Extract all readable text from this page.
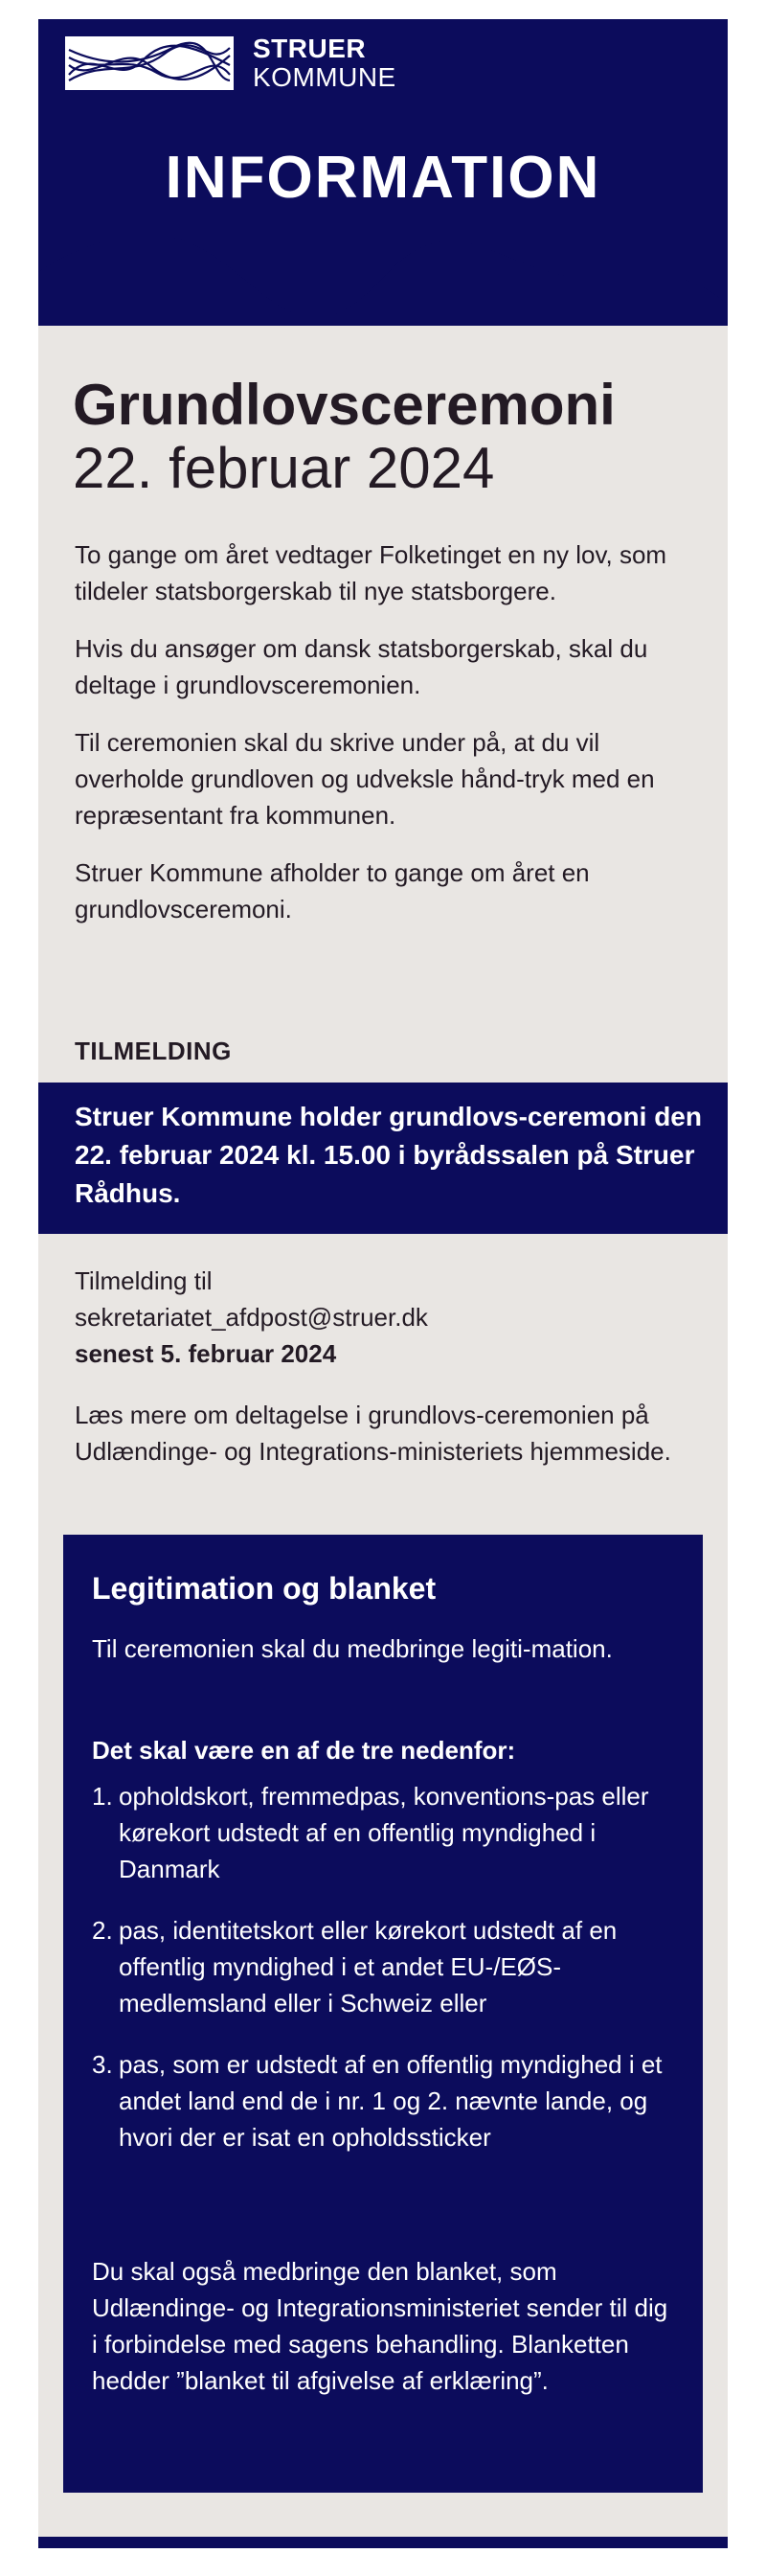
STRUER
KOMMUNE
INFORMATION
Grundlovsceremoni
22. februar 2024

To gange om året vedtager Folketinget en ny lov, som tildeler statsborgerskab til nye statsborgere.

Hvis du ansøger om dansk statsborgerskab, skal du deltage i grundlovsceremonien.

Til ceremonien skal du skrive under på, at du vil overholde grundloven og udveksle hånd-tryk med en repræsentant fra kommunen.

Struer Kommune afholder to gange om året en grundlovsceremoni.

TILMELDING

Struer Kommune holder grundlovs-ceremoni den 22. februar 2024 kl. 15.00 i byrådssalen på Struer Rådhus.

Tilmelding til
sekretariatet_afdpost@struer.dk
senest 5. februar 2024

Læs mere om deltagelse i grundlovs-ceremonien på Udlændinge- og Integrations-ministeriets hjemmeside.

Legitimation og blanket

Til ceremonien skal du medbringe legiti-mation.

Det skal være en af de tre nedenfor:

1. opholdskort, fremmedpas, konventions-pas eller kørekort udstedt af en offentlig myndighed i Danmark
2. pas, identitetskort eller kørekort udstedt af en offentlig myndighed i et andet EU-/EØS-medlemsland eller i Schweiz eller
3. pas, som er udstedt af en offentlig myndighed i et andet land end de i nr. 1 og 2. nævnte lande, og hvori der er isat en opholdssticker

Du skal også medbringe den blanket, som Udlændinge- og Integrationsministeriet sender til dig i forbindelse med sagens behandling. Blanketten hedder ”blanket til afgivelse af erklæring”.
